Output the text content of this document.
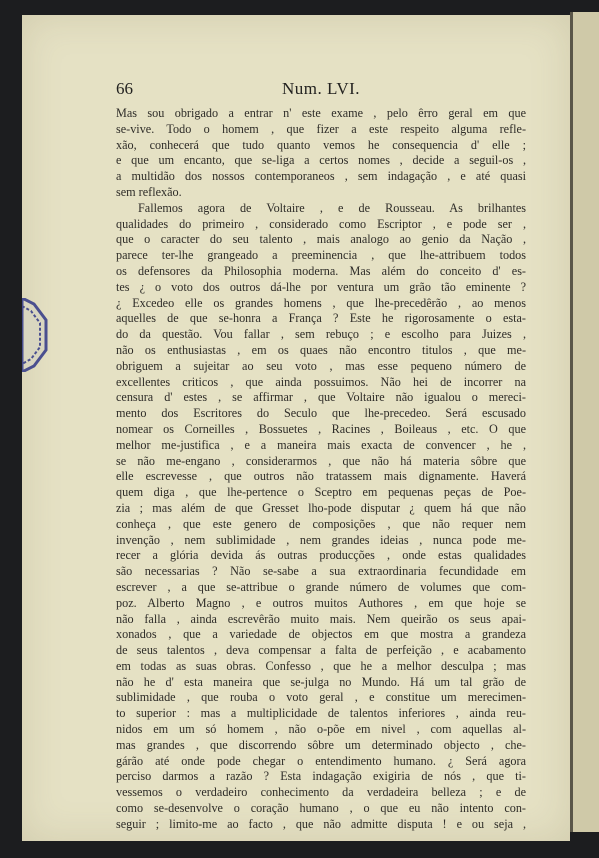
66	Num. LVI.
Mas sou obrigado a entrar n' este exame , pelo êrro geral em que
se-vive. Todo o homem , que fizer a este respeito alguma refle-
xão, conhecerá que tudo quanto vemos he consequencia d' elle ;
e que um encanto, que se-liga a certos nomes , decide a seguil-os ,
a multidão dos nossos contemporaneos , sem indagação , e até quasi
sem reflexão.
Fallemos agora de Voltaire , e de Rousseau. As brilhantes
qualidades do primeiro , considerado como Escriptor , e pode ser ,
que o caracter do seu talento , mais analogo ao genio da Nação ,
parece ter-lhe grangeado a preeminencia , que lhe-attribuem todos
os defensores da Philosophia moderna. Mas além do conceito d' es-
tes ¿ o voto dos outros dá-lhe por ventura um grão tão eminente ?
¿ Excedeo elle os grandes homens , que lhe-precedêrão , ao menos
aquelles de que se-honra a França ? Este he rigorosamente o esta-
do da questão. Vou fallar , sem rebuço ; e escolho para Juizes ,
não os enthusiastas , em os quaes não encontro titulos , que me-
obriguem a sujeitar ao seu voto , mas esse pequeno número de
excellentes criticos , que ainda possuimos. Não hei de incorrer na
censura d' estes , se affirmar , que Voltaire não igualou o mereci-
mento dos Escritores do Seculo que lhe-precedeo. Será escusado
nomear os Corneilles , Bossuetes , Racines , Boileaus , etc. O que
melhor me-justifica , e a maneira mais exacta de convencer , he ,
se não me-engano , considerarmos , que não há materia sôbre que
elle escrevesse , que outros não tratassem mais dignamente. Haverá
quem diga , que lhe-pertence o Sceptro em pequenas peças de Poe-
zia ; mas além de que Gresset lho-pode disputar ¿ quem há que não
conheça , que este genero de composições , que não requer nem
invenção , nem sublimidade , nem grandes ideias , nunca pode me-
recer a glória devida ás outras producções , onde estas qualidades
são necessarias ? Não se-sabe a sua extraordinaria fecundidade em
escrever , a que se-attribue o grande número de volumes que com-
poz. Alberto Magno , e outros muitos Authores , em que hoje se
não falla , ainda escrevêrão muito mais. Nem queirão os seus apai-
xonados , que a variedade de objectos em que mostra a grandeza
de seus talentos , deva compensar a falta de perfeição , e acabamento
em todas as suas obras. Confesso , que he a melhor desculpa ; mas
não he d' esta maneira que se-julga no Mundo. Há um tal grão de
sublimidade , que rouba o voto geral , e constitue um merecimen-
to superior : mas a multiplicidade de talentos inferiores , ainda reu-
nidos em um só homem , não o-põe em nivel , com aquellas al-
mas grandes , que discorrendo sôbre um determinado objecto , che-
gárão até onde pode chegar o entendimento humano. ¿ Será agora
perciso darmos a razão ? Esta indagação exigiria de nós , que ti-
vessemos o verdadeiro conhecimento da verdadeira belleza ; e de
como se-desenvolve o coração humano , o que eu não intento con-
seguir ; limito-me ao facto , que não admitte disputa ! e ou seja ,
